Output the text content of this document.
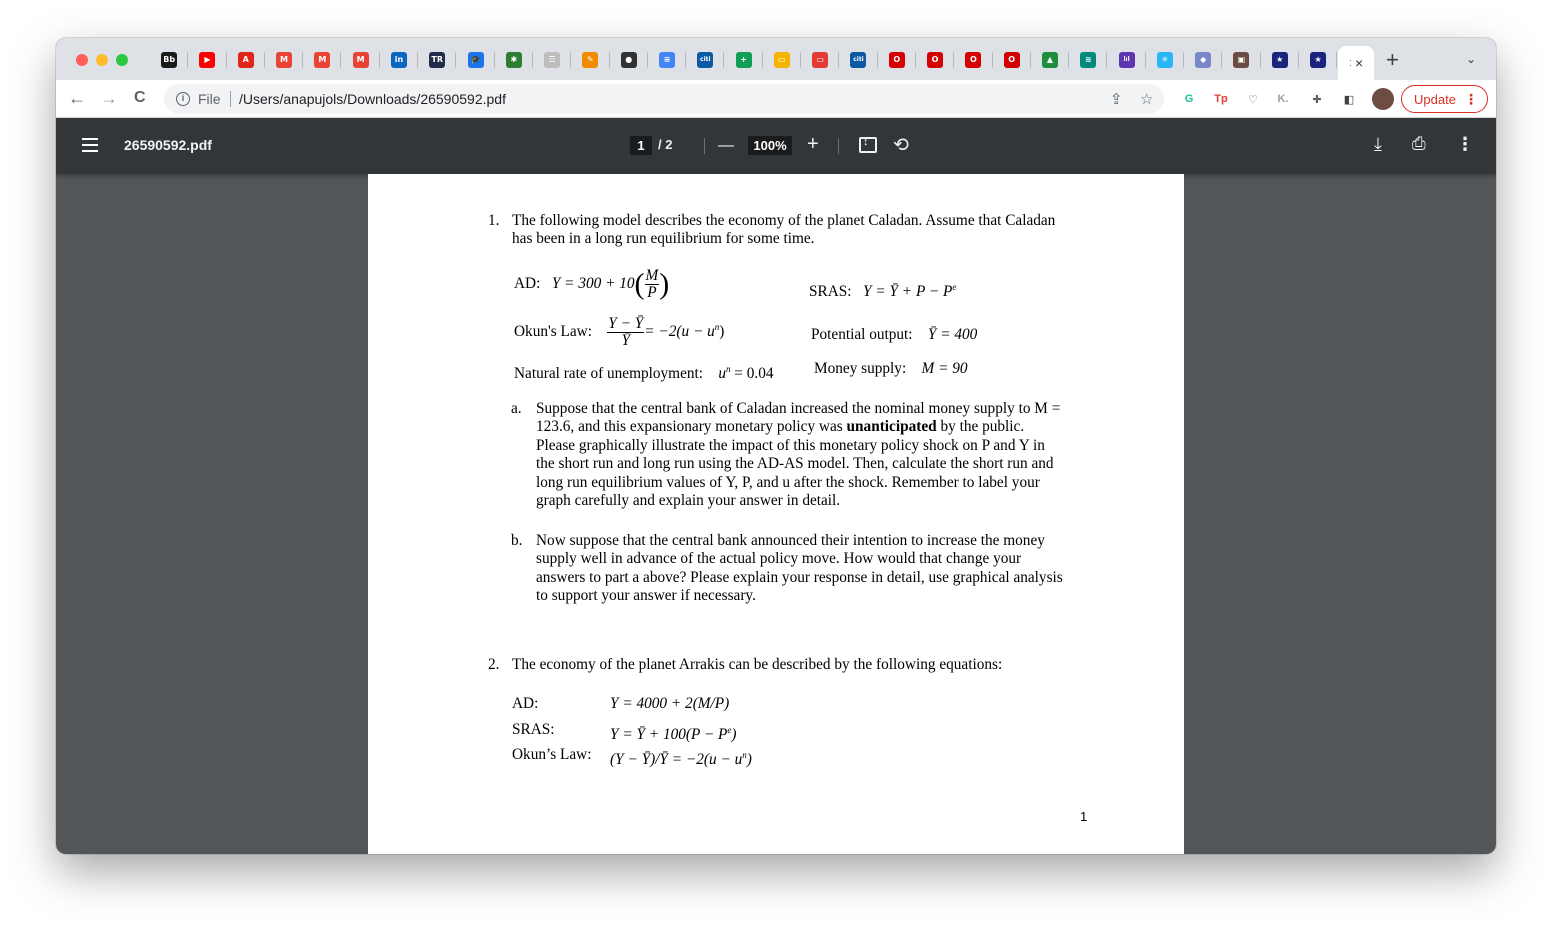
Bb	▶	A	M	M	M	in	TR	🎓	✱	☰	✎	●	≡	citi	+	▭	▭	citi	O	O	O	O	▲	≋	lıl	✳	◆	▣	★	★	: × +	⌄
← → C	i File /Users/anapujols/Downloads/26590592.pdf	⇪ ☆	G	Tp	♡	K.	✚	◧	Update ⋮
26590592.pdf	1	/ 2	—	100% + ↕	⟲	⤓ ⎙ ⋮
1. The following model describes the economy of the planet Caladan. Assume that Caladan
has been in a long run equilibrium for some time.
AD: $Y = 300 + 10( \frac{M}{P}$ )	SRAS: Y = Ȳ + $P - P^e$
Okun's Law: $\frac{Y - Ȳ}{Ȳ} = -2(u - u^n)$	Potential output: Ȳ = 400
Natural rate of unemployment: $u^n = 0.04$	Money supply: M = 90
a. Suppose that the central bank of Caladan increased the nominal money supply to M =
123.6, and this expansionary monetary policy was unanticipated by the public.
Please graphically illustrate the impact of this monetary policy shock on P and Y in
the short run and long run using the AD-AS model. Then, calculate the short run and
long run equilibrium values of Y, P, and u after the shock. Remember to label your
graph carefully and explain your answer in detail.
b. Now suppose that the central bank announced their intention to increase the money
supply well in advance of the actual policy move. How would that change your
answers to part a above? Please explain your response in detail, use graphical analysis
to support your answer if necessary.
2. The economy of the planet Arrakis can be described by the following equations:
AD:	Y = 4000 + 2(M/P)
SRAS:	Y = Ȳ + $100(P - P^e)$
Okun’s Law: (Y − Ȳ)/Ȳ = $-2(u - u^n)$
1
